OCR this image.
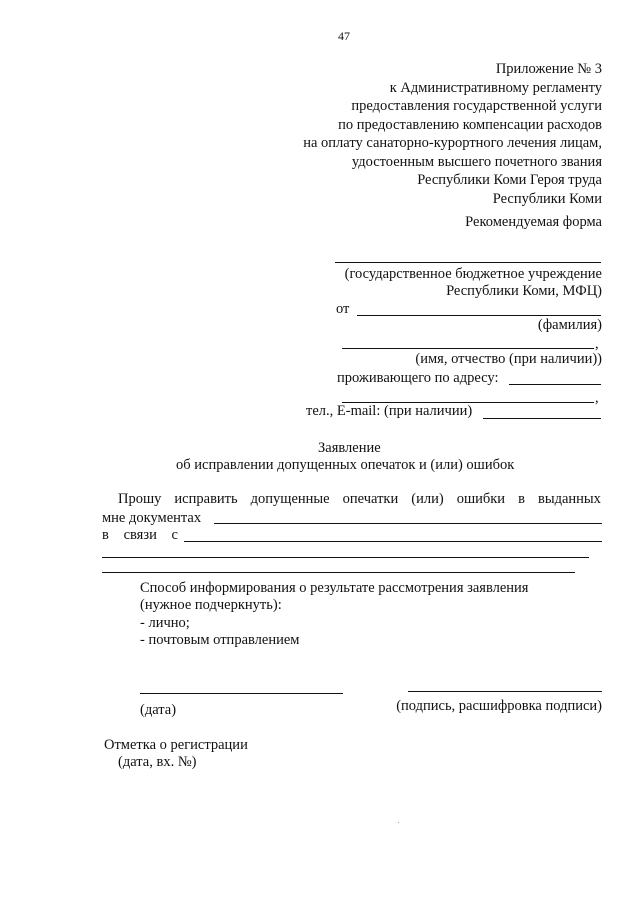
47
Приложение № 3
к Административному регламенту
предоставления государственной услуги
по предоставлению компенсации расходов
на оплату санаторно-курортного лечения лицам,
удостоенным высшего почетного звания
Республики Коми Героя труда
Республики Коми
Рекомендуемая форма
(государственное бюджетное учреждение
Республики Коми, МФЦ)
от
(фамилия)
,
(имя, отчество (при наличии))
проживающего по адресу:
,
тел., E-mail: (при наличии)
Заявление
об исправлении допущенных опечаток и (или) ошибок
Прошу исправить допущенные опечатки (или) ошибки в выданных
мне документах
в связи с
Способ информирования о результате рассмотрения заявления
(нужное подчеркнуть):
- лично;
- почтовым отправлением
(дата)	(подпись, расшифровка подписи)
Отметка о регистрации
(дата, вх. №)
